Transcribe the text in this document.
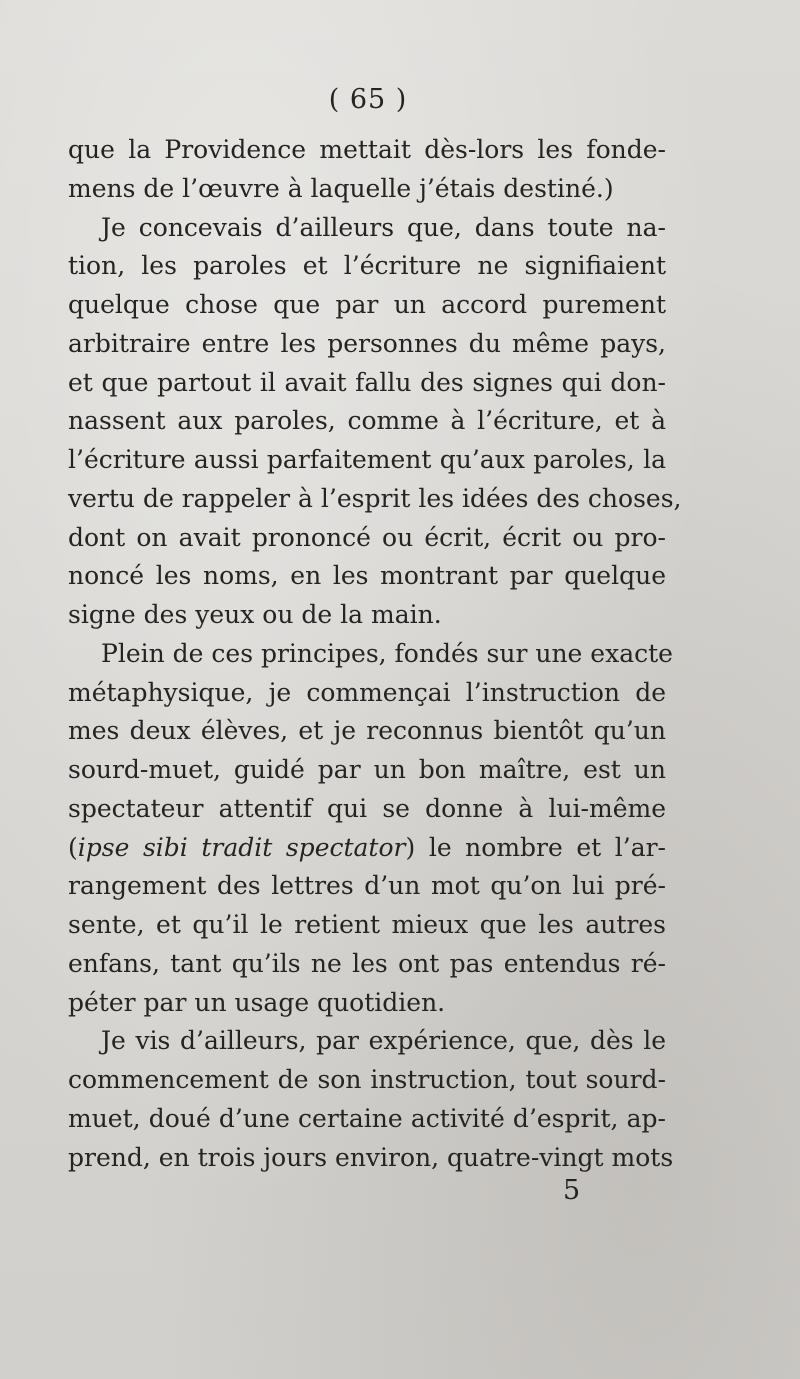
( 65 )
que la Providence mettait dès-lors les fonde-
mens de l’œuvre à laquelle j’étais destiné.)
Je concevais d’ailleurs que, dans toute na-
tion, les paroles et l’écriture ne signifiaient
quelque chose que par un accord purement
arbitraire entre les personnes du même pays,
et que partout il avait fallu des signes qui don-
nassent aux paroles, comme à l’écriture, et à
l’écriture aussi parfaitement qu’aux paroles, la
vertu de rappeler à l’esprit les idées des choses,
dont on avait prononcé ou écrit, écrit ou pro-
noncé les noms, en les montrant par quelque
signe des yeux ou de la main.
Plein de ces principes, fondés sur une exacte
métaphysique, je commençai l’instruction de
mes deux élèves, et je reconnus bientôt qu’un
sourd-muet, guidé par un bon maître, est un
spectateur attentif qui se donne à lui-même
(ipse sibi tradit spectator) le nombre et l’ar-
rangement des lettres d’un mot qu’on lui pré-
sente, et qu’il le retient mieux que les autres
enfans, tant qu’ils ne les ont pas entendus ré-
péter par un usage quotidien.
Je vis d’ailleurs, par expérience, que, dès le
commencement de son instruction, tout sourd-
muet, doué d’une certaine activité d’esprit, ap-
prend, en trois jours environ, quatre-vingt mots
5
